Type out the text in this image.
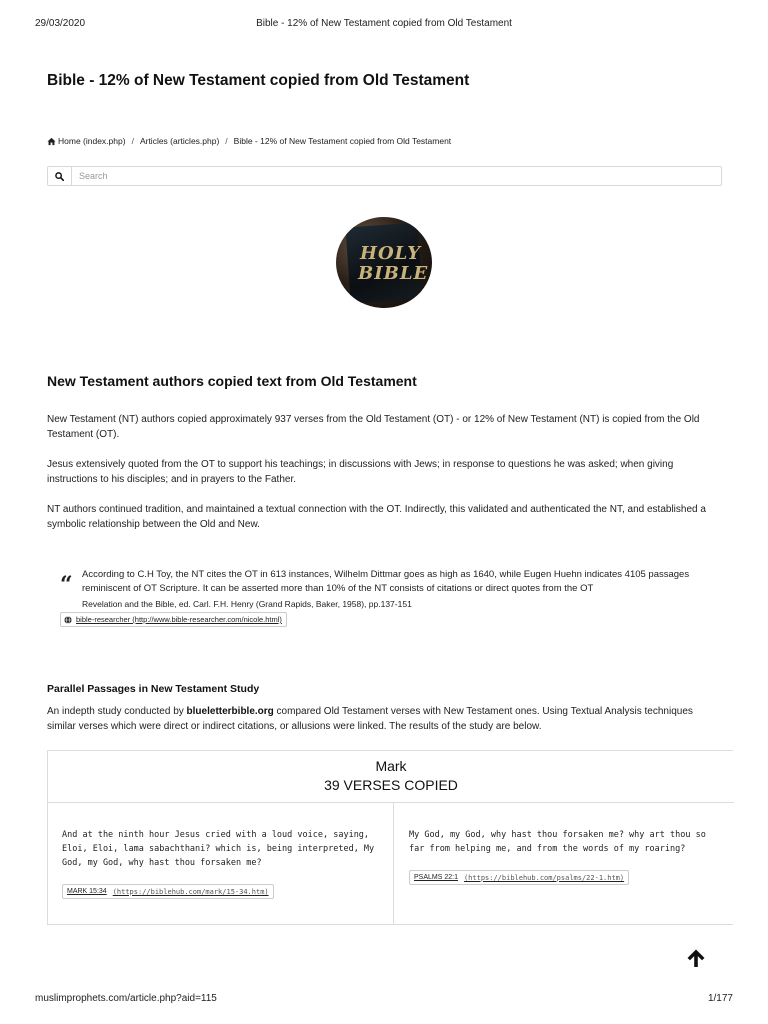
29/03/2020	Bible - 12% of New Testament copied from Old Testament
Bible - 12% of New Testament copied from Old Testament
Home (index.php) / Articles (articles.php) / Bible - 12% of New Testament copied from Old Testament
Search
HOLY
BIBLE
New Testament authors copied text from Old Testament

New Testament (NT) authors copied approximately 937 verses from the Old Testament (OT) - or 12% of New Testament (NT) is copied from the Old Testament (OT).

Jesus extensively quoted from the OT to support his teachings; in discussions with Jews; in response to questions he was asked; when giving instructions to his disciples; and in prayers to the Father.

NT authors continued tradition, and maintained a textual connection with the OT. Indirectly, this validated and authenticated the NT, and established a symbolic relationship between the Old and New.

“ According to C.H Toy, the NT cites the OT in 613 instances, Wilhelm Dittmar goes as high as 1640, while Eugen Huehn indicates 4105 passages reminiscent of OT Scripture. It can be asserted more than 10% of the NT consists of citations or direct quotes from the OT
Revelation and the Bible, ed. Carl. F.H. Henry (Grand Rapids, Baker, 1958), pp.137-151
bible-researcher (http://www.bible-researcher.com/nicole.html)
Parallel Passages in New Testament Study

An indepth study conducted by blueletterbible.org compared Old Testament verses with New Testament ones. Using Textual Analysis techniques similar verses which were direct or indirect citations, or allusions were linked. The results of the study are below.

Mark
39 VERSES COPIED
And at the ninth hour Jesus cried with a loud voice, saying, Eloi, Eloi, lama sabachthani? which is, being interpreted, My God, my God, why hast thou forsaken me?
MARK 15:34 (https://biblehub.com/mark/15-34.htm)
My God, my God, why hast thou forsaken me? why art thou so far from helping me, and from the words of my roaring?
PSALMS 22:1 (https://biblehub.com/psalms/22-1.htm)
muslimprophets.com/article.php?aid=115	1/177
